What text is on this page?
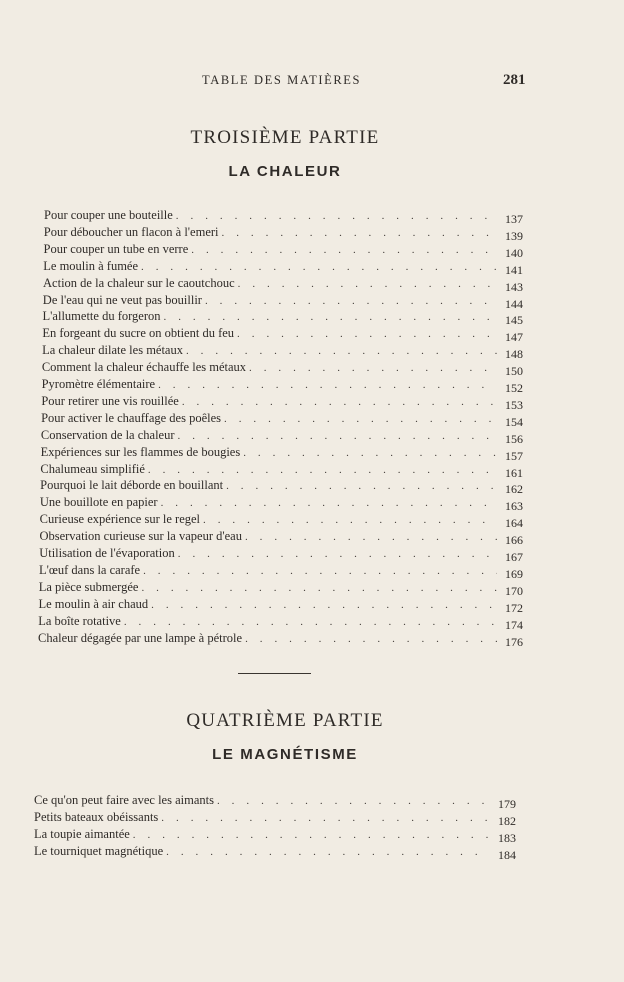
TABLE DES MATIÈRES	281
TROISIÈME PARTIE
LA CHALEUR
Pour couper une bouteille . . .	137
Pour déboucher un flacon à l'emeri . . .	139
Pour couper un tube en verre . . .	140
Le moulin à fumée . . .	141
Action de la chaleur sur le caoutchouc . . .	143
De l'eau qui ne veut pas bouillir . . .	144
L'allumette du forgeron . . .	145
En forgeant du sucre on obtient du feu . . .	147
La chaleur dilate les métaux . . .	148
Comment la chaleur échauffe les métaux . . .	150
Pyromètre élémentaire . . .	152
Pour retirer une vis rouillée . . .	153
Pour activer le chauffage des poêles . . .	154
Conservation de la chaleur . . .	156
Expériences sur les flammes de bougies . . .	157
Chalumeau simplifié . . .	161
Pourquoi le lait déborde en bouillant . . .	162
Une bouillote en papier . . .	163
Curieuse expérience sur le regel . . .	164
Observation curieuse sur la vapeur d'eau . . .	166
Utilisation de l'évaporation . . .	167
L'œuf dans la carafe . . .	169
La pièce submergée . . .	170
Le moulin à air chaud . . .	172
La boîte rotative . . .	174
Chaleur dégagée par une lampe à pétrole . . .	176
QUATRIÈME PARTIE
LE MAGNÉTISME
Ce qu'on peut faire avec les aimants . . .	179
Petits bateaux obéissants . . .	182
La toupie aimantée . . .	183
Le tourniquet magnétique . . .	184
